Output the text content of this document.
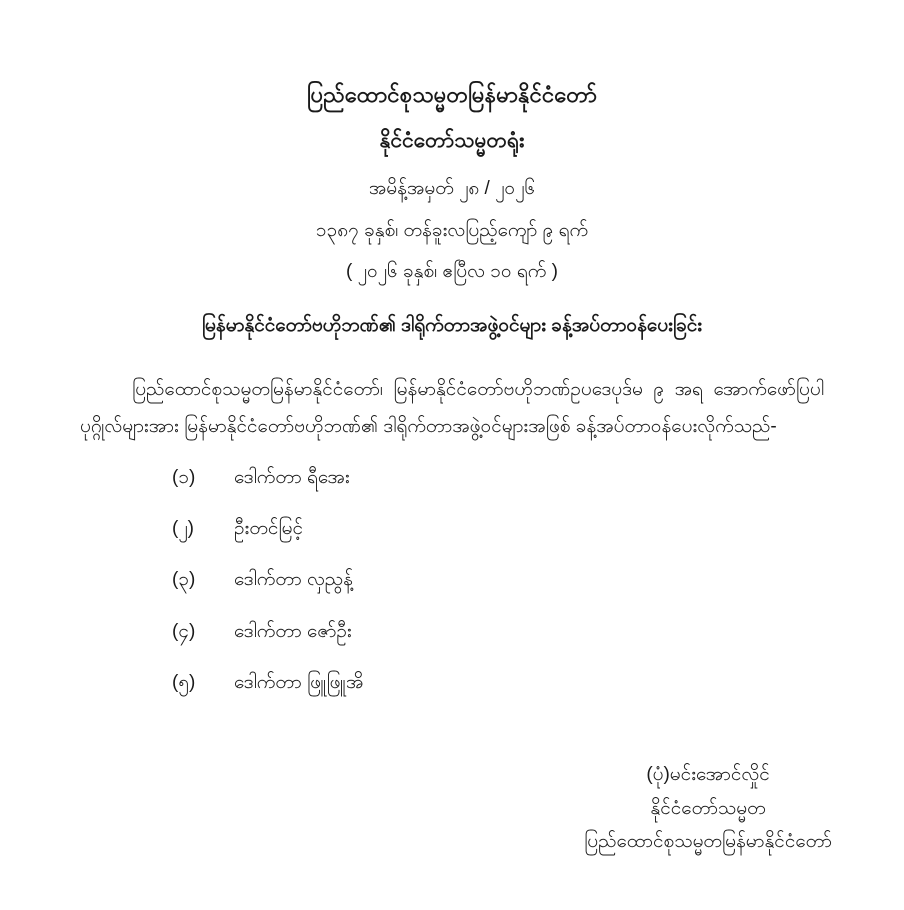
ပြည်ထောင်စုသမ္မတမြန်မာနိုင်ငံတော်
နိုင်ငံတော်သမ္မတရုံး
အမိန့်အမှတ် ၂၈ / ၂၀၂၆
၁၃၈၇ ခုနှစ်၊ တန်ခူးလပြည့်ကျော် ၉ ရက်
( ၂၀၂၆ ခုနှစ်၊ ဧပြီလ ၁၀ ရက် )
မြန်မာနိုင်ငံတော်ဗဟိုဘဏ်၏ ဒါရိုက်တာအဖွဲ့ဝင်များ ခန့်အပ်တာဝန်ပေးခြင်း

ပြည်ထောင်စုသမ္မတမြန်မာနိုင်ငံတော်၊ မြန်မာနိုင်ငံတော်ဗဟိုဘဏ်ဥပဒေပုဒ်မ ၉ အရ အောက်ဖော်ပြပါပုဂ္ဂိုလ်များအား မြန်မာနိုင်ငံတော်ဗဟိုဘဏ်၏ ဒါရိုက်တာအဖွဲ့ဝင်များအဖြစ် ခန့်အပ်တာဝန်ပေးလိုက်သည်-

(၁)	ဒေါက်တာ ရီအေး
(၂)	ဦးတင်မြင့်
(၃)	ဒေါက်တာ လှညွန့်
(၄)	ဒေါက်တာ ဇော်ဦး
(၅)	ဒေါက်တာ ဖြူဖြူအိ
(ပုံ)မင်းအောင်လှိုင်
နိုင်ငံတော်သမ္မတ
ပြည်ထောင်စုသမ္မတမြန်မာနိုင်ငံတော်
